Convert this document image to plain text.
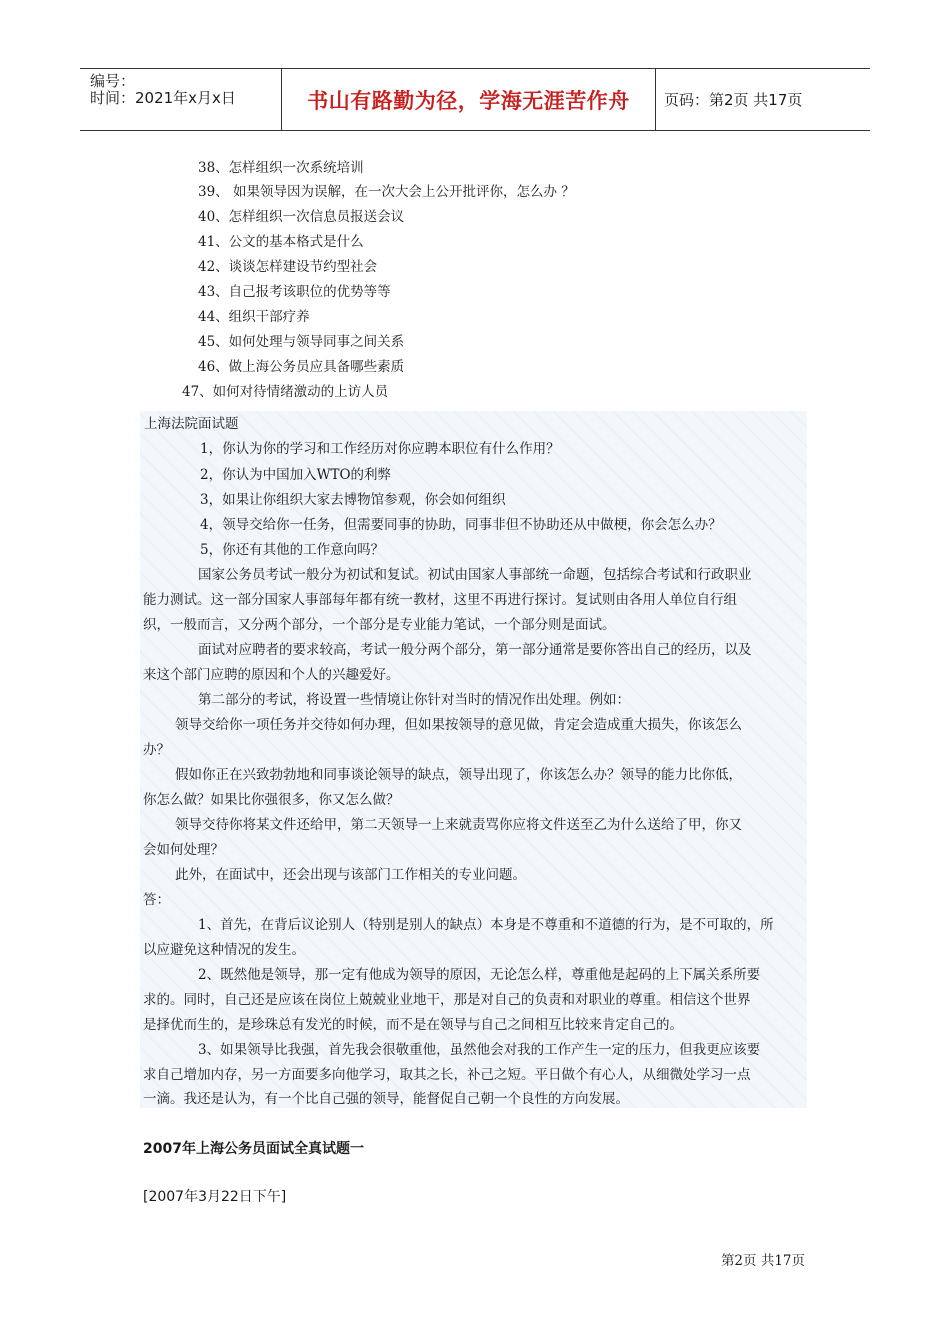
编号：
时间：2021年x月x日	书山有路勤为径，学海无涯苦作舟 页码：第2页 共17页
38、怎样组织一次系统培训
39、 如果领导因为误解，在一次大会上公开批评你，怎么办 ？
40、怎样组织一次信息员报送会议
41、公文的基本格式是什么
42、谈谈怎样建设节约型社会
43、自己报考该职位的优势等等
44、组织干部疗养
45、如何处理与领导同事之间关系
46、做上海公务员应具备哪些素质
47、如何对待情绪激动的上访人员
上海法院面试题
1，你认为你的学习和工作经历对你应聘本职位有什么作用？
2，你认为中国加入WTO的利弊
3，如果让你组织大家去博物馆参观，你会如何组织
4，领导交给你一任务，但需要同事的协助，同事非但不协助还从中做梗，你会怎么办？
5，你还有其他的工作意向吗？
国家公务员考试一般分为初试和复试。初试由国家人事部统一命题，包括综合考试和行政职业
能力测试。这一部分国家人事部每年都有统一教材，这里不再进行探讨。复试则由各用人单位自行组
织，一般而言，又分两个部分，一个部分是专业能力笔试，一个部分则是面试。
面试对应聘者的要求较高，考试一般分两个部分，第一部分通常是要你答出自己的经历，以及
来这个部门应聘的原因和个人的兴趣爱好。
第二部分的考试，将设置一些情境让你针对当时的情况作出处理。例如：
领导交给你一项任务并交待如何办理，但如果按领导的意见做，肯定会造成重大损失，你该怎么
办？
假如你正在兴致勃勃地和同事谈论领导的缺点，领导出现了，你该怎么办？领导的能力比你低，
你怎么做？如果比你强很多，你又怎么做？
领导交待你将某文件还给甲，第二天领导一上来就责骂你应将文件送至乙为什么送给了甲，你又
会如何处理？
此外，在面试中，还会出现与该部门工作相关的专业问题。
答：
1、首先，在背后议论别人（特别是别人的缺点）本身是不尊重和不道德的行为，是不可取的，所
以应避免这种情况的发生。
2、既然他是领导，那一定有他成为领导的原因，无论怎么样，尊重他是起码的上下属关系所要
求的。同时，自己还是应该在岗位上兢兢业业地干，那是对自己的负责和对职业的尊重。相信这个世界
是择优而生的，是珍珠总有发光的时候，而不是在领导与自己之间相互比较来肯定自己的。
3、如果领导比我强，首先我会很敬重他，虽然他会对我的工作产生一定的压力，但我更应该要
求自己增加内存，另一方面要多向他学习，取其之长，补己之短。平日做个有心人，从细微处学习一点
一滴。我还是认为，有一个比自己强的领导，能督促自己朝一个良性的方向发展。
2007年上海公务员面试全真试题一
[2007年3月22日下午]
第2页 共17页
